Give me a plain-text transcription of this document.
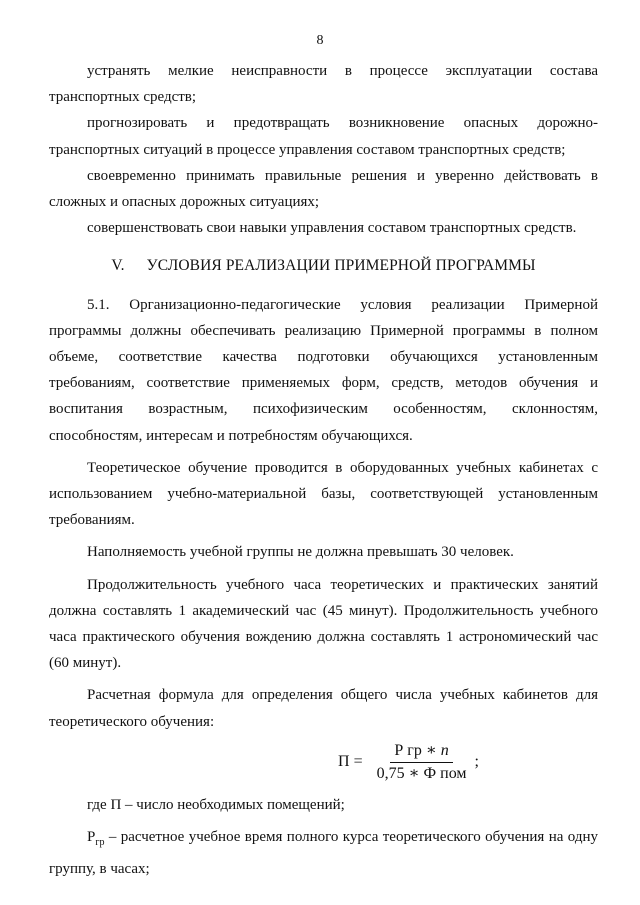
8

устранять мелкие неисправности в процессе эксплуатации состава транспортных средств;

прогнозировать и предотвращать возникновение опасных дорожно-транспортных ситуаций в процессе управления составом транспортных средств;

своевременно принимать правильные решения и уверенно действовать в сложных и опасных дорожных ситуациях;

совершенствовать свои навыки управления составом транспортных средств.

V. УСЛОВИЯ РЕАЛИЗАЦИИ ПРИМЕРНОЙ ПРОГРАММЫ

5.1. Организационно-педагогические условия реализации Примерной программы должны обеспечивать реализацию Примерной программы в полном объеме, соответствие качества подготовки обучающихся установленным требованиям, соответствие применяемых форм, средств, методов обучения и воспитания возрастным, психофизическим особенностям, склонностям, способностям, интересам и потребностям обучающихся.

Теоретическое обучение проводится в оборудованных учебных кабинетах с использованием учебно-материальной базы, соответствующей установленным требованиям.

Наполняемость учебной группы не должна превышать 30 человек.

Продолжительность учебного часа теоретических и практических занятий должна составлять 1 академический час (45 минут). Продолжительность учебного часа практического обучения вождению должна составлять 1 астрономический час (60 минут).

Расчетная формула для определения общего числа учебных кабинетов для теоретического обучения:

$П = \frac{\text{Р гр ∗ n}}{\text{0,75 ∗ Ф пом}}$ ;

где П – число необходимых помещений;

$Р_{гр}$ – расчетное учебное время полного курса теоретического обучения на одну группу, в часах;
